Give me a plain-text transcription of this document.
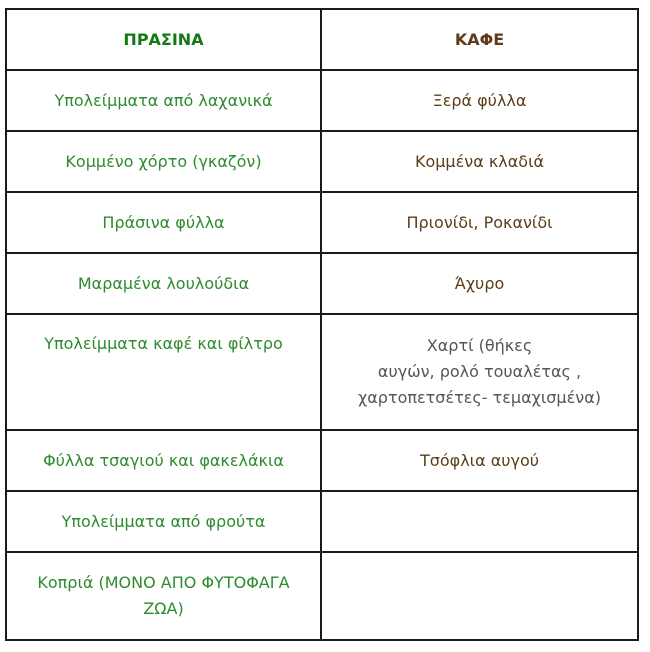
ΠΡΑΣΙΝΑ	ΚΑΦΕ
Υπολείμματα από λαχανικά	Ξερά φύλλα
Κομμένο χόρτο (γκαζόν)	Κομμένα κλαδιά
Πράσινα φύλλα	Πριονίδι, Ροκανίδι
Μαραμένα λουλούδια	Άχυρο
Υπολείμματα καφέ και φίλτρο	Χαρτί (θήκες
αυγών, ρολό τουαλέτας ,
χαρτοπετσέτες- τεμαχισμένα)
Φύλλα τσαγιού και φακελάκια	Τσόφλια αυγού
Υπολείμματα από φρούτα	
Κοπριά (ΜΟΝΟ ΑΠΟ ΦΥΤΟΦΑΓΑ
ΖΩΑ)	
